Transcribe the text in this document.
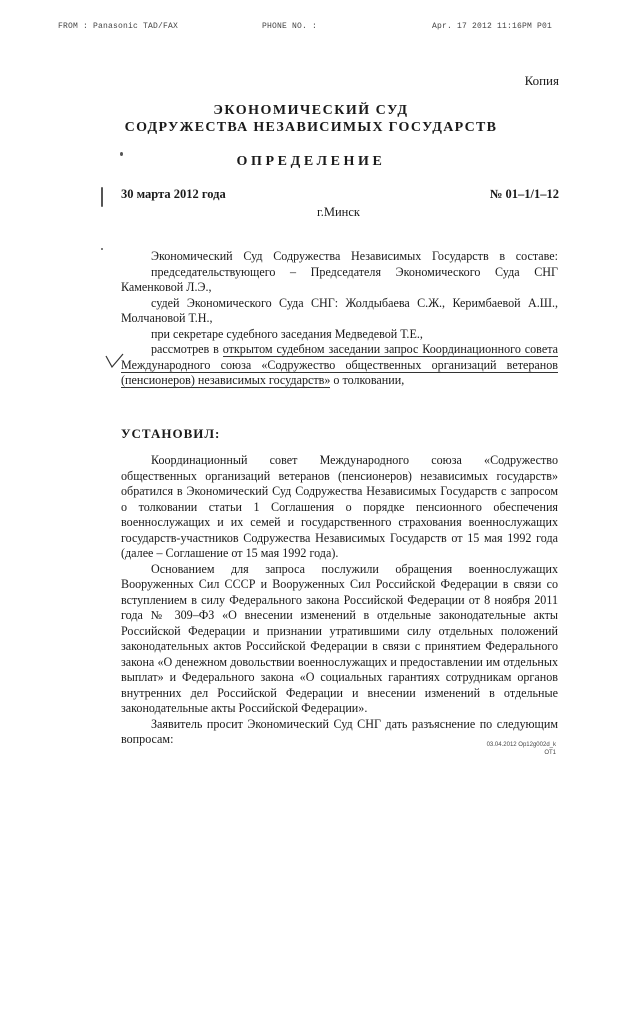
FROM : Panasonic TAD/FAX	PHONE NO. :	Apr. 17 2012 11:16PM P01
Копия
ЭКОНОМИЧЕСКИЙ СУД
СОДРУЖЕСТВА НЕЗАВИСИМЫХ ГОСУДАРСТВ
ОПРЕДЕЛЕНИЕ
30 марта 2012 года	№ 01–1/1–12
г.Минск

Экономический Суд Содружества Независимых Государств в составе:

председательствующего – Председателя Экономического Суда СНГ Каменковой Л.Э.,

судей Экономического Суда СНГ: Жолдыбаева С.Ж., Керимбаевой А.Ш., Молчановой Т.Н.,

при секретаре судебного заседания Медведевой Т.Е.,

рассмотрев в открытом судебном заседании запрос Координационного совета Международного союза «Содружество общественных организаций ветеранов (пенсионеров) независимых государств» о толковании,

УСТАНОВИЛ:

Координационный совет Международного союза «Содружество общественных организаций ветеранов (пенсионеров) независимых государств» обратился в Экономический Суд Содружества Независимых Государств с запросом о толковании статьи 1 Соглашения о порядке пенсионного обеспечения военнослужащих и их семей и государственного страхования военнослужащих государств-участников Содружества Независимых Государств от 15 мая 1992 года (далее – Соглашение от 15 мая 1992 года).

Основанием для запроса послужили обращения военнослужащих Вооруженных Сил СССР и Вооруженных Сил Российской Федерации в связи со вступлением в силу Федерального закона Российской Федерации от 8 ноября 2011 года № 309–ФЗ «О внесении изменений в отдельные законодательные акты Российской Федерации и признании утратившими силу отдельных положений законодательных актов Российской Федерации в связи с принятием Федерального закона «О денежном довольствии военнослужащих и предоставлении им отдельных выплат» и Федерального закона «О социальных гарантиях сотрудникам органов внутренних дел Российской Федерации и внесении изменений в отдельные законодательные акты Российской Федерации».

Заявитель просит Экономический Суд СНГ дать разъяснение по следующим вопросам:	03.04.2012 Op12g002d_k
ОТ1
